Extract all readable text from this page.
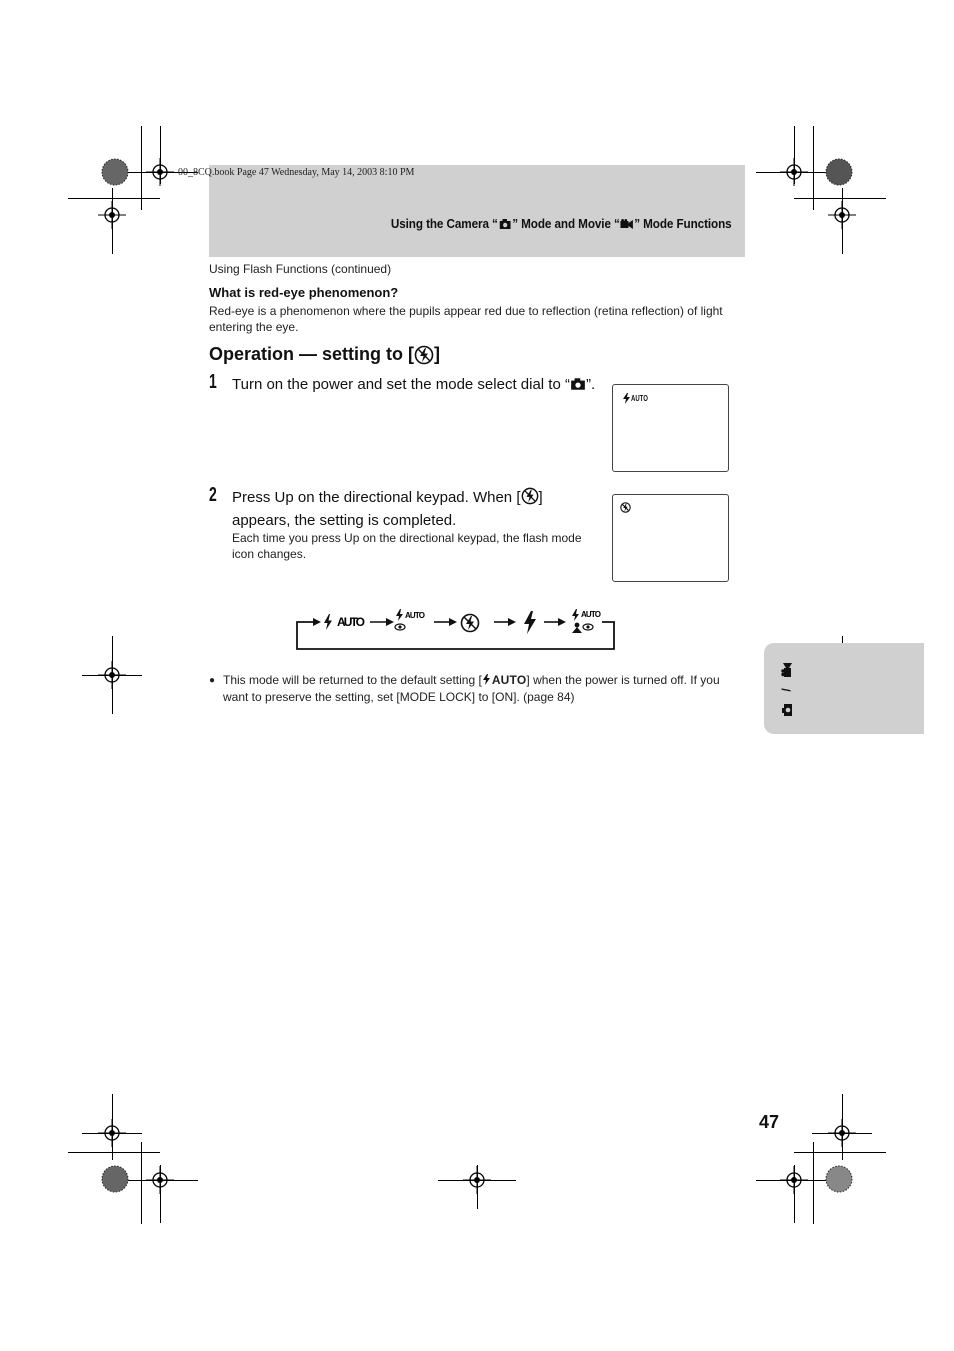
00_8CQ.book Page 47 Wednesday, May 14, 2003 8:10 PM
Using the Camera “ ” Mode and Movie “ ” Mode Functions
Using Flash Functions (continued)
What is red-eye phenomenon?
Red-eye is a phenomenon where the pupils appear red due to reflection (retina reflection) of light entering the eye.
Operation — setting to [ ]
1 Turn on the power and set the mode select dial to “ ”.
AUTO
2 Press Up on the directional keypad. When [ ] appears, the setting is completed.
Each time you press Up on the directional keypad, the flash mode icon changes.
AUTO	AUTO	AUTO
● This mode will be returned to the default setting [ AUTO] when the power is turned off. If you want to preserve the setting, set [MODE LOCK] to [ON]. (page 84)	/
47
